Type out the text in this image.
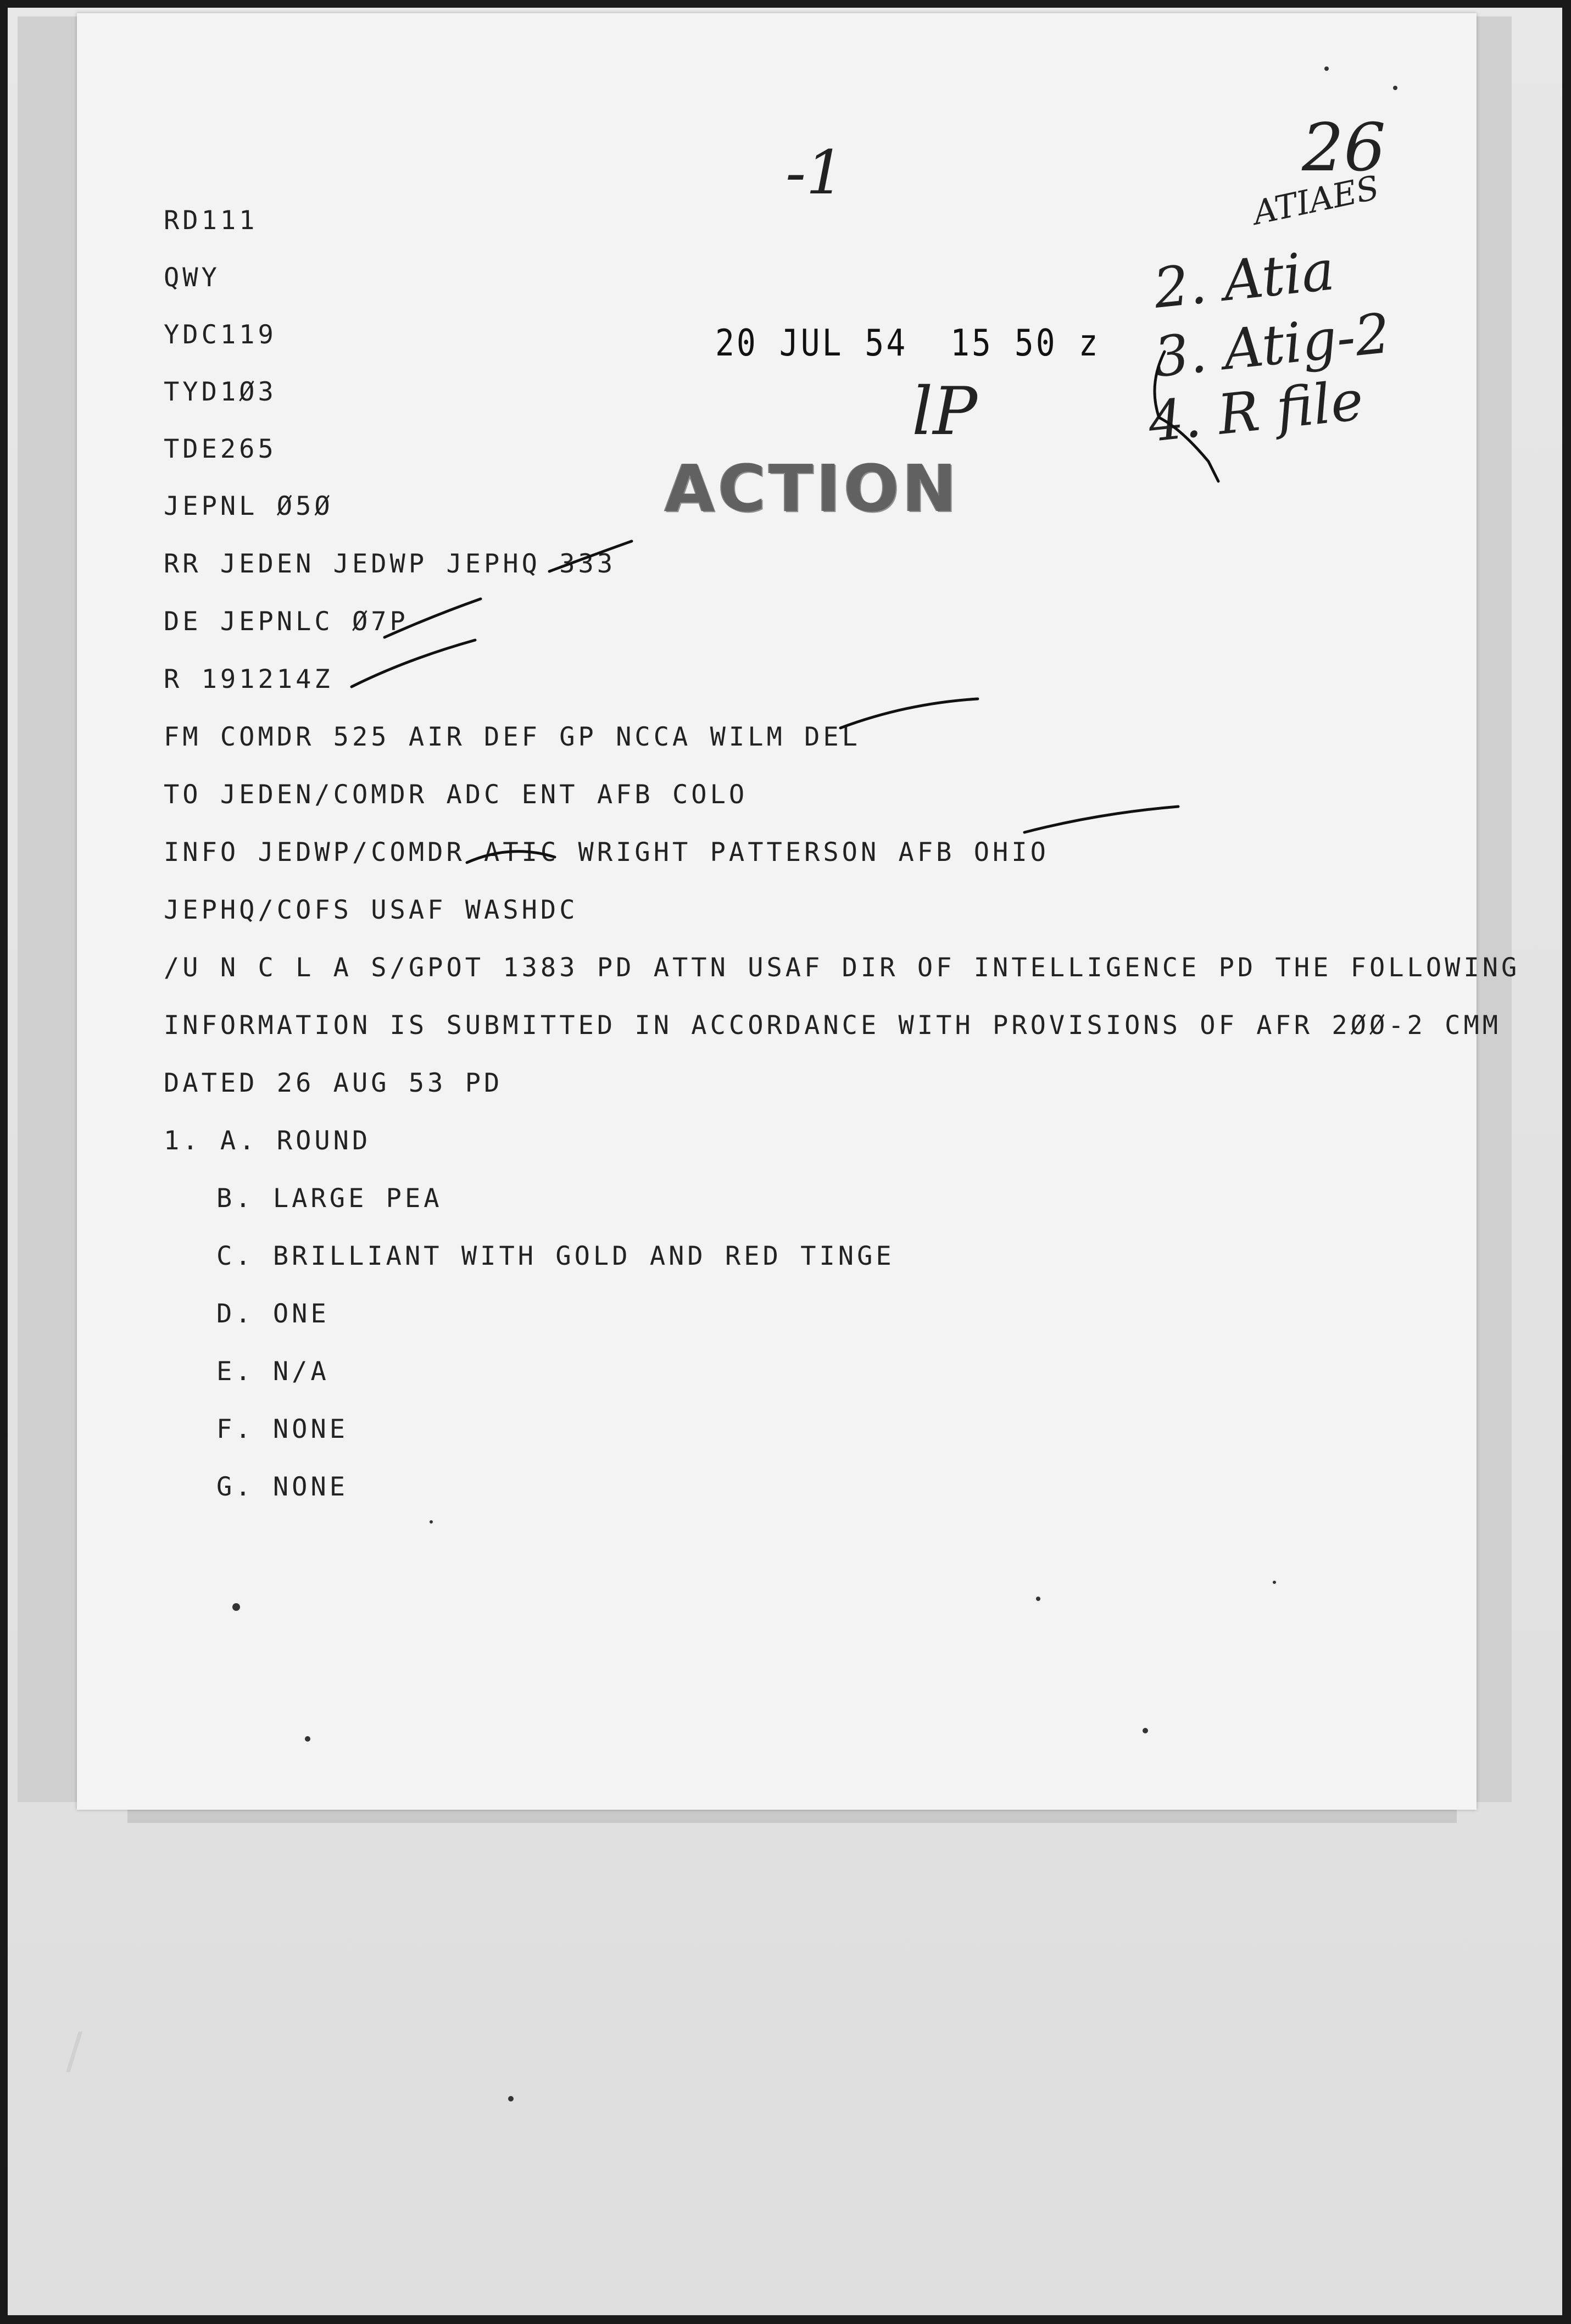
RD111
QWY
YDC119
TYD1Ø3
TDE265
JEPNL Ø5Ø
RR JEDEN JEDWP JEPHQ 333
DE JEPNLC Ø7P
R 191214Z
FM COMDR 525 AIR DEF GP NCCA WILM DEL
TO JEDEN/COMDR ADC ENT AFB COLO
INFO JEDWP/COMDR ATIC WRIGHT PATTERSON AFB OHIO
JEPHQ/COFS USAF WASHDC
/U N C L A S/GPOT 1383 PD ATTN USAF DIR OF INTELLIGENCE PD THE FOLLOWING
INFORMATION IS SUBMITTED IN ACCORDANCE WITH PROVISIONS OF AFR 2ØØ-2 CMM
DATED 26 AUG 53 PD
1. A. ROUND
B. LARGE PEA
C. BRILLIANT WITH GOLD AND RED TINGE
D. ONE
E. N/A
F. NONE
G. NONE
20 JUL 54  15 50 z
ACTION
26
-1
lP
ATIAES
2. Atia
3. Atig-2
4. R file
/
